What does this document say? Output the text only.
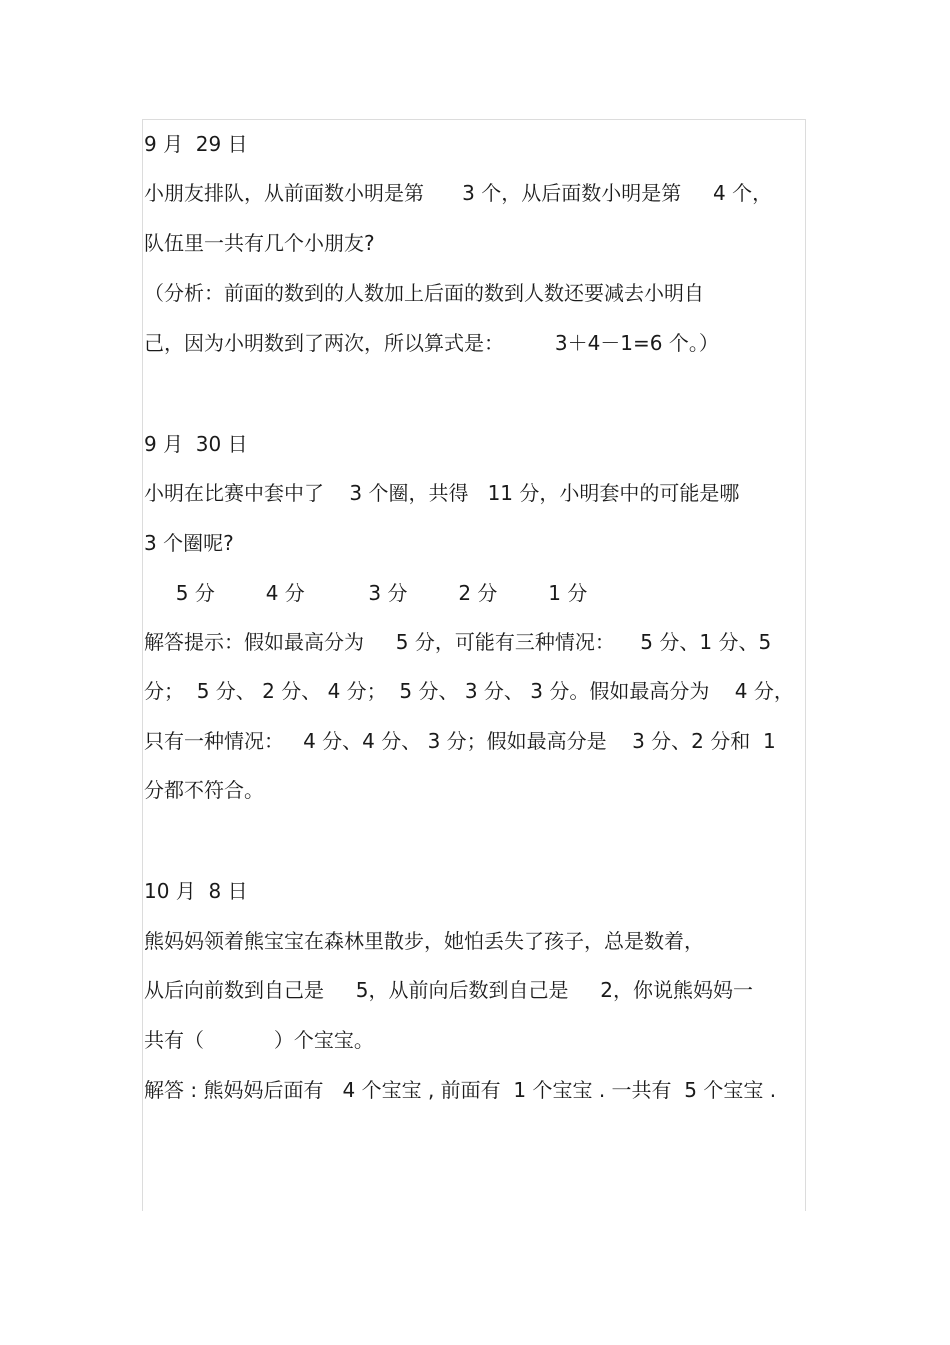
9 月  29 日
小朋友排队，从前面数小明是第      3 个，从后面数小明是第     4 个，
队伍里一共有几个小朋友?
（分析：前面的数到的人数加上后面的数到人数还要减去小明自
己，因为小明数到了两次，所以算式是：        3＋4－1=6 个。）
9 月  30 日
小明在比赛中套中了    3 个圈，共得   11 分，小明套中的可能是哪
3 个圈呢?
5 分        4 分          3 分        2 分        1 分
解答提示：假如最高分为     5 分，可能有三种情况：    5 分、1 分、5
分；  5 分、 2 分、 4 分；  5 分、 3 分、 3 分。假如最高分为    4 分，
只有一种情况：   4 分、4 分、 3 分；假如最高分是    3 分、2 分和  1
分都不符合。
10 月  8 日
熊妈妈领着熊宝宝在森林里散步，她怕丢失了孩子，总是数着，
从后向前数到自己是     5，从前向后数到自己是     2，你说熊妈妈一
共有（           ）个宝宝。
解答 : 熊妈妈后面有   4 个宝宝 , 前面有  1 个宝宝 . 一共有  5 个宝宝 .
